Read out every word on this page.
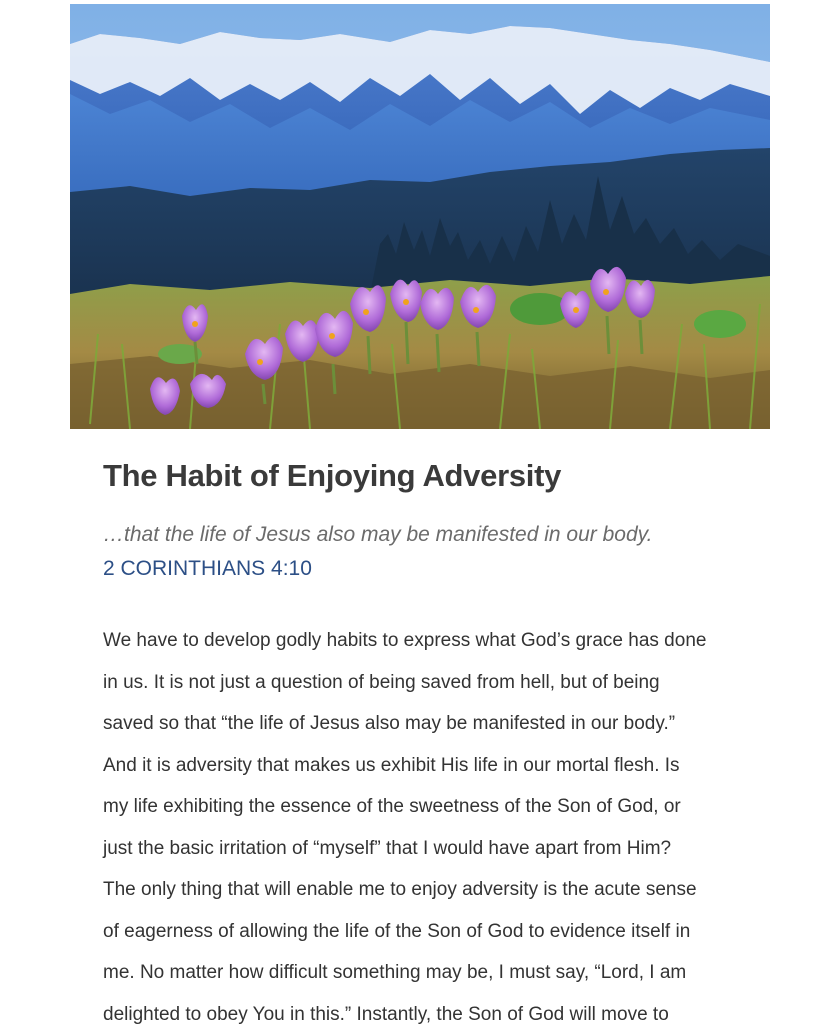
The Habit of Enjoying Adversity
…that the life of Jesus also may be manifested in our body.
2 CORINTHIANS 4:10
We have to develop godly habits to express what God’s grace has done
in us. It is not just a question of being saved from hell, but of being
saved so that “the life of Jesus also may be manifested in our body.”
And it is adversity that makes us exhibit His life in our mortal flesh. Is
my life exhibiting the essence of the sweetness of the Son of God, or
just the basic irritation of “myself” that I would have apart from Him?
The only thing that will enable me to enjoy adversity is the acute sense
of eagerness of allowing the life of the Son of God to evidence itself in
me. No matter how difficult something may be, I must say, “Lord, I am
delighted to obey You in this.” Instantly, the Son of God will move to
